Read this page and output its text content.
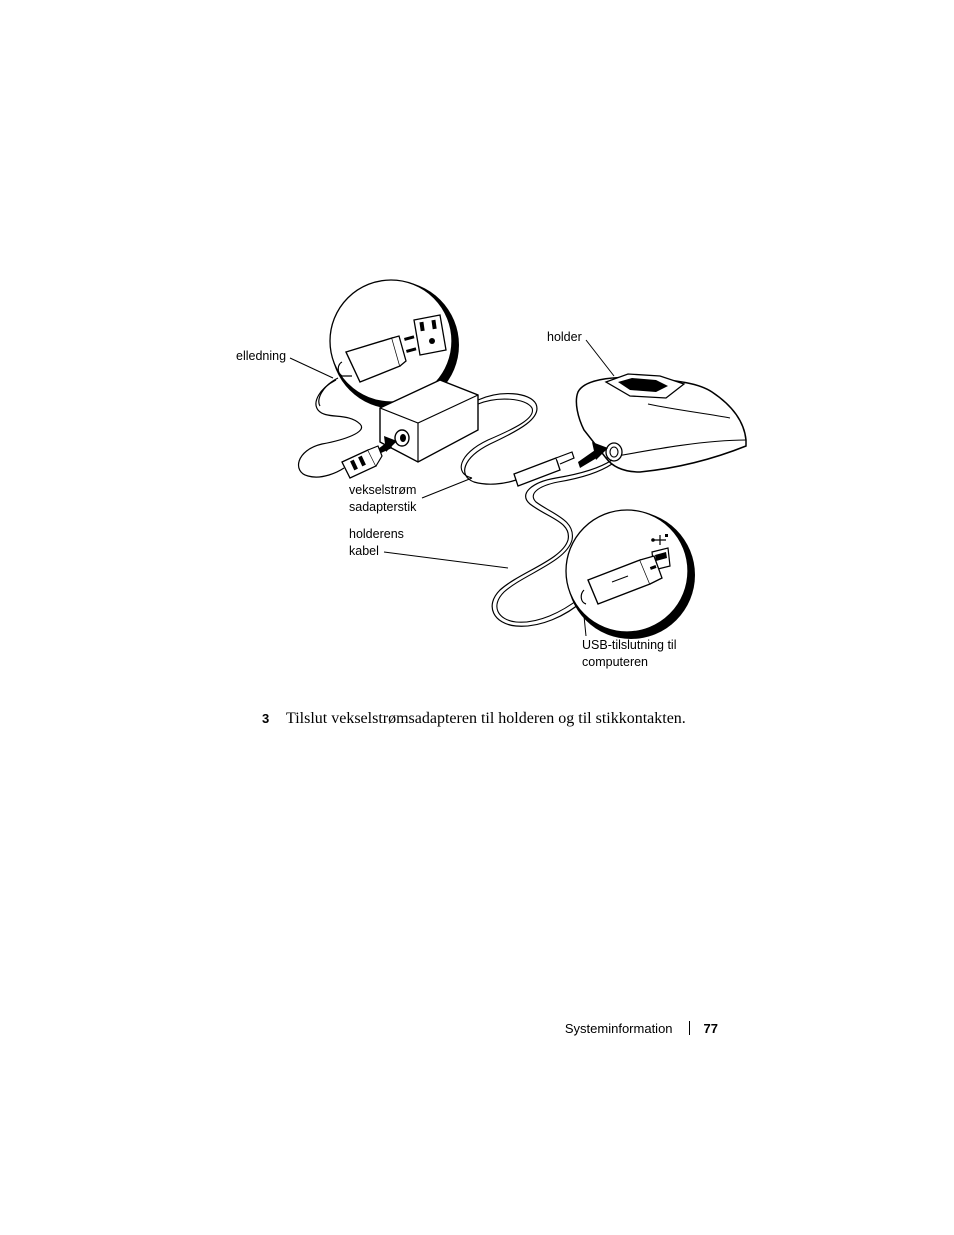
elledning
holder
vekselstrøm
sadapterstik
holderens
kabel
USB-tilslutning til
computeren
3 Tilslut vekselstrømsadapteren til holderen og til stikkontakten.
Systeminformation 77
